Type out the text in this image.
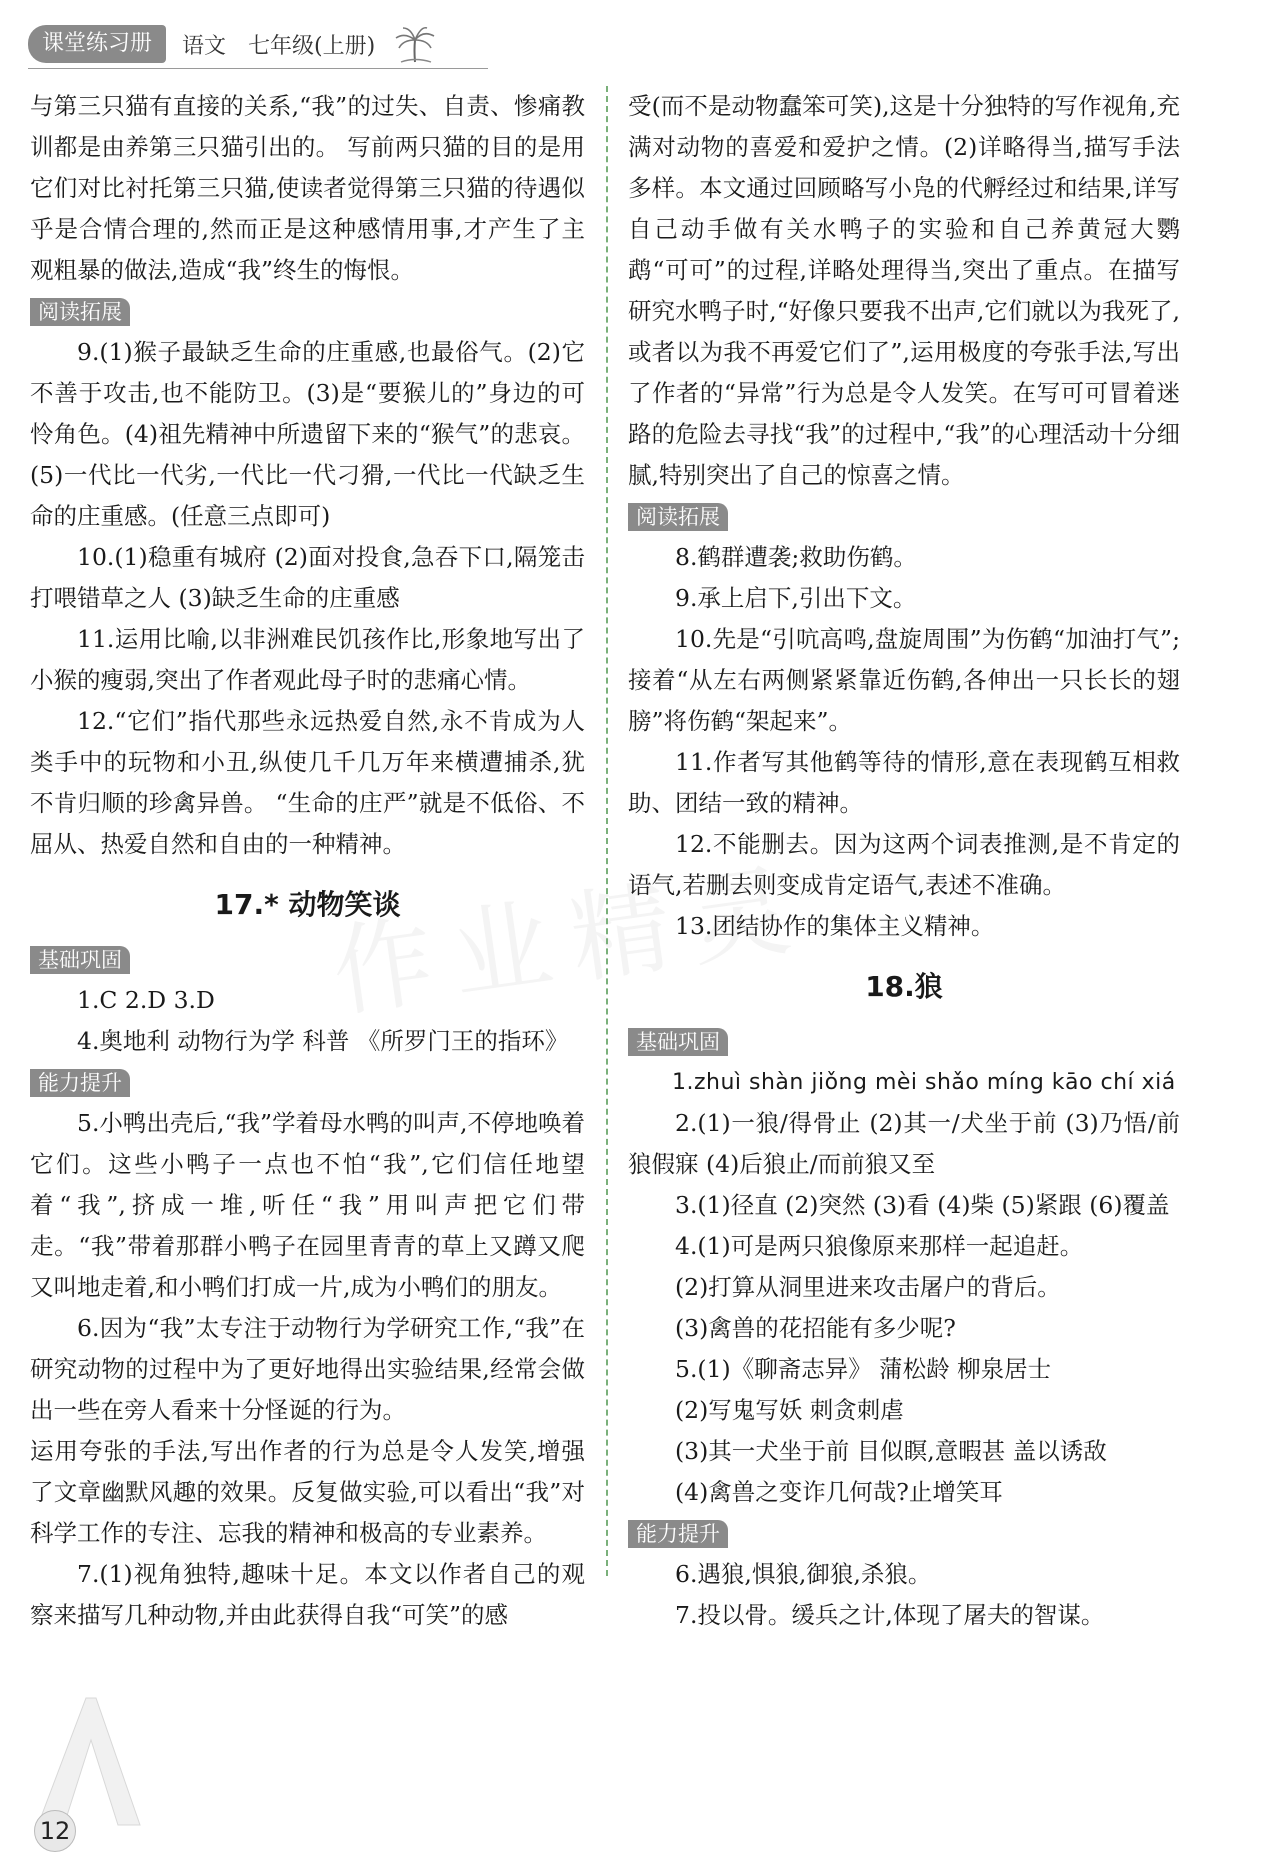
课堂练习册	语文 七年级(上册)

与第三只猫有直接的关系,“我”的过失、自责、惨痛教训都是由养第三只猫引出的。 写前两只猫的目的是用它们对比衬托第三只猫,使读者觉得第三只猫的待遇似乎是合情合理的,然而正是这种感情用事,才产生了主观粗暴的做法,造成“我”终生的悔恨。

阅读拓展

9.(1)猴子最缺乏生命的庄重感,也最俗气。(2)它不善于攻击,也不能防卫。(3)是“要猴儿的”身边的可怜角色。(4)祖先精神中所遗留下来的“猴气”的悲哀。(5)一代比一代劣,一代比一代刁猾,一代比一代缺乏生命的庄重感。(任意三点即可)

10.(1)稳重有城府 (2)面对投食,急吞下口,隔笼击打喂错草之人 (3)缺乏生命的庄重感

11.运用比喻,以非洲难民饥孩作比,形象地写出了小猴的瘦弱,突出了作者观此母子时的悲痛心情。

12.“它们”指代那些永远热爱自然,永不肯成为人类手中的玩物和小丑,纵使几千几万年来横遭捕杀,犹不肯归顺的珍禽异兽。 “生命的庄严”就是不低俗、不屈从、热爱自然和自由的一种精神。

17.* 动物笑谈
基础巩固

1.C 2.D 3.D

4.奥地利 动物行为学 科普 《所罗门王的指环》

能力提升

5.小鸭出壳后,“我”学着母水鸭的叫声,不停地唤着它们。这些小鸭子一点也不怕“我”,它们信任地望着“我”,挤成一堆,听任“我”用叫声把它们带走。“我”带着那群小鸭子在园里青青的草上又蹲又爬又叫地走着,和小鸭们打成一片,成为小鸭们的朋友。

6.因为“我”太专注于动物行为学研究工作,“我”在研究动物的过程中为了更好地得出实验结果,经常会做出一些在旁人看来十分怪诞的行为。

运用夸张的手法,写出作者的行为总是令人发笑,增强了文章幽默风趣的效果。反复做实验,可以看出“我”对科学工作的专注、忘我的精神和极高的专业素养。

7.(1)视角独特,趣味十足。本文以作者自己的观察来描写几种动物,并由此获得自我“可笑”的感

受(而不是动物蠢笨可笑),这是十分独特的写作视角,充满对动物的喜爱和爱护之情。(2)详略得当,描写手法多样。本文通过回顾略写小凫的代孵经过和结果,详写自己动手做有关水鸭子的实验和自己养黄冠大鹦鹉“可可”的过程,详略处理得当,突出了重点。在描写研究水鸭子时,“好像只要我不出声,它们就以为我死了,或者以为我不再爱它们了”,运用极度的夸张手法,写出了作者的“异常”行为总是令人发笑。在写可可冒着迷路的危险去寻找“我”的过程中,“我”的心理活动十分细腻,特别突出了自己的惊喜之情。

阅读拓展

8.鹤群遭袭;救助伤鹤。

9.承上启下,引出下文。

10.先是“引吭高鸣,盘旋周围”为伤鹤“加油打气”;接着“从左右两侧紧紧靠近伤鹤,各伸出一只长长的翅膀”将伤鹤“架起来”。

11.作者写其他鹤等待的情形,意在表现鹤互相救助、团结一致的精神。

12.不能删去。因为这两个词表推测,是不肯定的语气,若删去则变成肯定语气,表述不准确。

13.团结协作的集体主义精神。

18.狼
基础巩固

1.zhuì shàn jiǒng mèi shǎo míng kāo chí xiá

2.(1)一狼/得骨止 (2)其一/犬坐于前 (3)乃悟/前狼假寐 (4)后狼止/而前狼又至

3.(1)径直 (2)突然 (3)看 (4)柴 (5)紧跟 (6)覆盖

4.(1)可是两只狼像原来那样一起追赶。

(2)打算从洞里进来攻击屠户的背后。

(3)禽兽的花招能有多少呢?

5.(1)《聊斋志异》 蒲松龄 柳泉居士

(2)写鬼写妖 刺贪刺虐

(3)其一犬坐于前 目似瞑,意暇甚 盖以诱敌

(4)禽兽之变诈几何哉?止增笑耳

能力提升

6.遇狼,惧狼,御狼,杀狼。

7.投以骨。缓兵之计,体现了屠夫的智谋。

12
